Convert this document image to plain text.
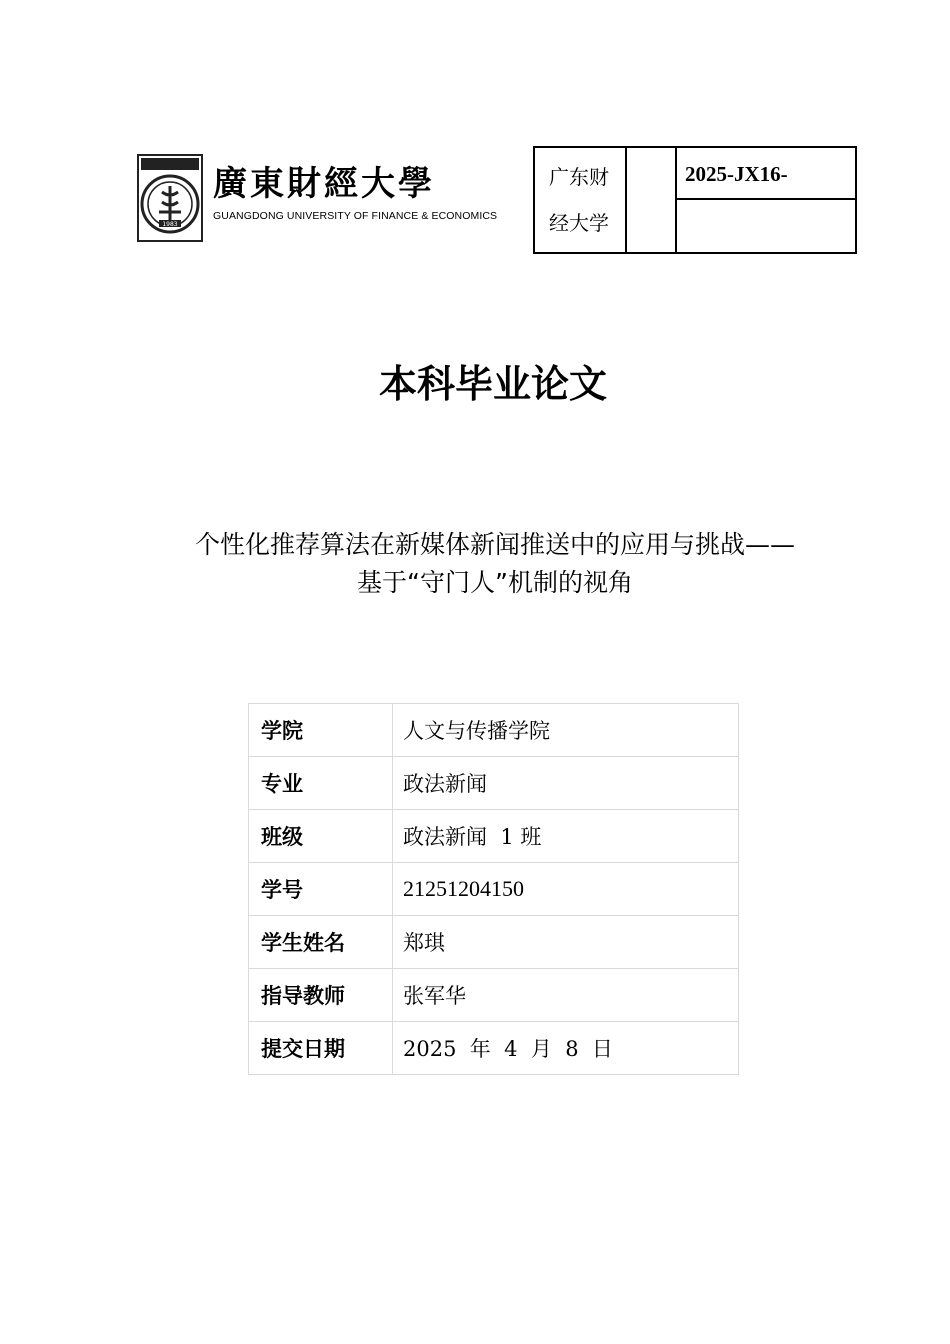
1983
廣東財經大學
GUANGDONG UNIVERSITY OF FINANCE & ECONOMICS
广东财经大学		2025-JX16-

本科毕业论文
个性化推荐算法在新媒体新闻推送中的应用与挑战——
基于“守门人”机制的视角
学院	人文与传播学院
专业	政法新闻
班级	政法新闻  1 班
学号	21251204150
学生姓名	郑琪
指导教师	张军华
提交日期	2025  年  4  月  8  日
